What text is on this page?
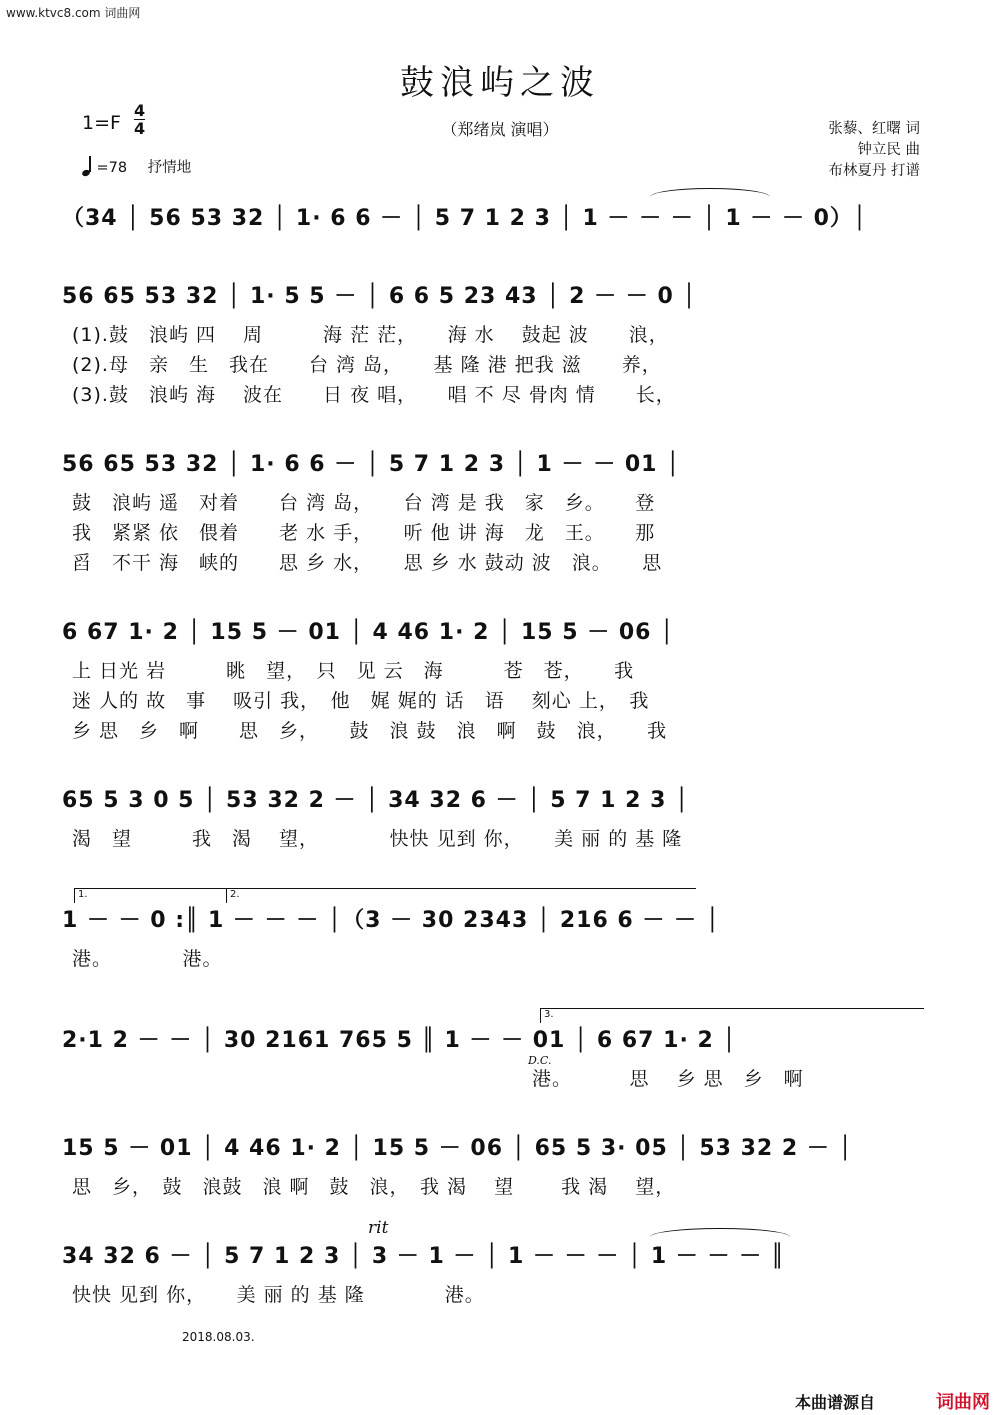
www.ktvc8.com 词曲网
鼓浪屿之波
（郑绪岚 演唱）	张藜、红曙 词
钟立民 曲
布林夏丹 打谱
$1=F \frac{4}{4}$
=78 抒情地
（34 │ 56 53 32 │ 1· 6 6 － │ 5 7 1 2 3 │ 1 － － － │ 1 － － 0）│
56 65 53 32 │ 1· 5 5 － │ 6 6 5 23 43 │ 2 － － 0 │
(1).鼓　浪屿 四　 周　　　海 茫 茫，　　海 水　 鼓起 波　　浪，
(2).母　亲　生　我在　　台 湾 岛，　　基 隆 港 把我 滋　　养，
(3).鼓　浪屿 海　 波在　　日 夜 唱，　　唱 不 尽 骨肉 情　　长，
56 65 53 32 │ 1· 6 6 － │ 5 7 1 2 3 │ 1 － － 01 │
鼓　浪屿 遥　对着　　台 湾 岛，　　台 湾 是 我　家　乡。　　登
我　紧紧 依　偎着　　老 水 手，　　听 他 讲 海　龙　王。　　那
舀　不干 海　峡的　　思 乡 水，　　思 乡 水 鼓动 波　浪。　　思
6 67 1· 2 │ 15 5 － 01 │ 4 46 1· 2 │ 15 5 － 06 │
上 日光 岩　　　眺　望，　只　见 云　海　　　苍　苍，　　我
迷 人的 故　事　 吸引 我，　他　娓 娓的 话　语　 刻心 上，　我
乡 思　乡　啊　　思　乡，　　鼓　浪 鼓　浪　啊　鼓　浪，　　我
65 5 3 0 5 │ 53 32 2 － │ 34 32 6 － │ 5 7 1 2 3 │
渴　望　　　我　渴　 望，　　　　快快 见到 你，　　美 丽 的 基 隆
1.	2.
1 － － 0 :║ 1 － － － │（3 － 30 2343 │ 216 6 － － │
港。　　　　港。
3.
D.C.
2·1 2 － － │ 30 2161 765 5 ║ 1 － － 01 │ 6 67 1· 2 │
　　　　　　　　　　　　　　　　　　　　　　　港。　　　 思　 乡 思　乡　啊
15 5 － 01 │ 4 46 1· 2 │ 15 5 － 06 │ 65 5 3· 05 │ 53 32 2 － │
思　乡，　鼓　浪鼓　浪 啊　鼓　浪，　我 渴　 望　 　我 渴　 望，
rit
34 32 6 － │ 5 7 1 2 3 │ 3 － 1 － │ 1 － － － │ 1 － － － ║
快快 见到 你，　　美 丽 的 基 隆　　　　港。
2018.08.03.
本曲谱源自	词曲网
